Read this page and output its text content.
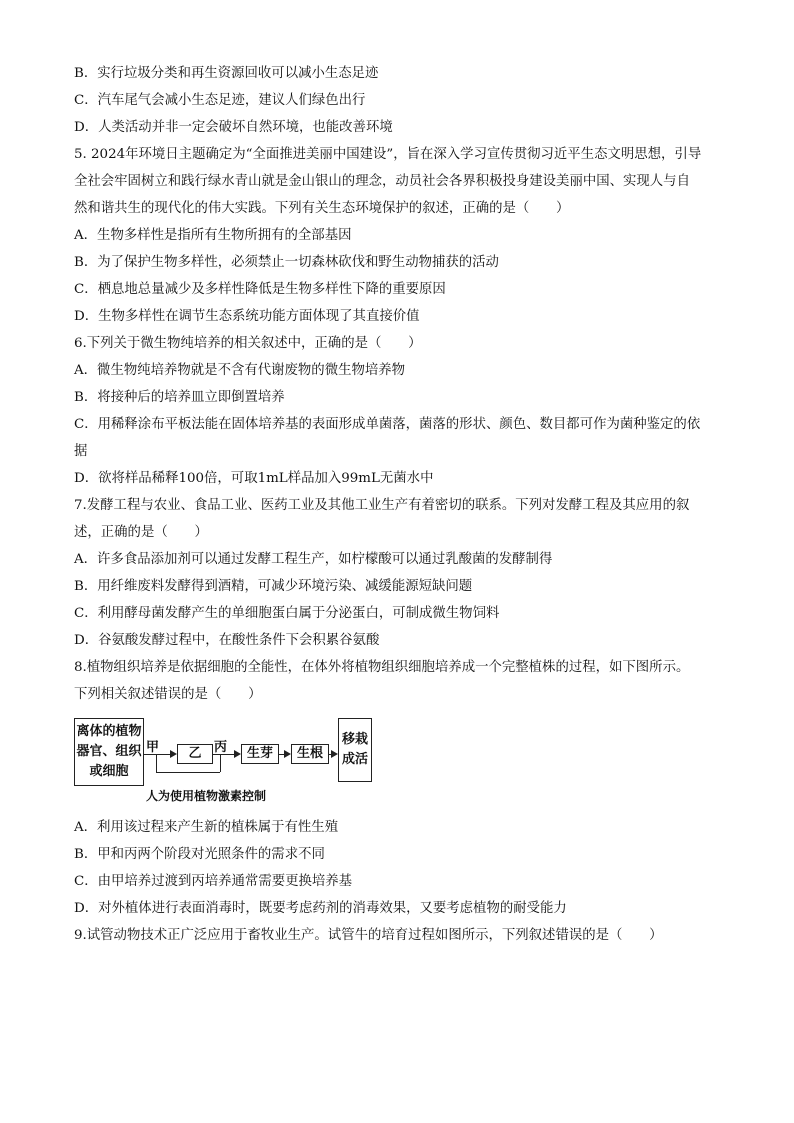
B．实行垃圾分类和再生资源回收可以减小生态足迹
C．汽车尾气会减小生态足迹，建议人们绿色出行
D．人类活动并非一定会破坏自然环境，也能改善环境
5. 2024年环境日主题确定为“全面推进美丽中国建设”，旨在深入学习宣传贯彻习近平生态文明思想，引导
全社会牢固树立和践行绿水青山就是金山银山的理念，动员社会各界积极投身建设美丽中国、实现人与自
然和谐共生的现代化的伟大实践。下列有关生态环境保护的叙述，正确的是（　　）
A．生物多样性是指所有生物所拥有的全部基因
B．为了保护生物多样性，必须禁止一切森林砍伐和野生动物捕获的活动
C．栖息地总量减少及多样性降低是生物多样性下降的重要原因
D．生物多样性在调节生态系统功能方面体现了其直接价值
6.下列关于微生物纯培养的相关叙述中，正确的是（　　）
A．微生物纯培养物就是不含有代谢废物的微生物培养物
B．将接种后的培养皿立即倒置培养
C．用稀释涂布平板法能在固体培养基的表面形成单菌落，菌落的形状、颜色、数目都可作为菌种鉴定的依
据
D．欲将样品稀释100倍，可取1mL样品加入99mL无菌水中
7.发酵工程与农业、食品工业、医药工业及其他工业生产有着密切的联系。下列对发酵工程及其应用的叙
述，正确的是（　　）
A．许多食品添加剂可以通过发酵工程生产，如柠檬酸可以通过乳酸菌的发酵制得
B．用纤维废料发酵得到酒精，可减少环境污染、减缓能源短缺问题
C．利用酵母菌发酵产生的单细胞蛋白属于分泌蛋白，可制成微生物饲料
D．谷氨酸发酵过程中，在酸性条件下会积累谷氨酸
8.植物组织培养是依据细胞的全能性，在体外将植物组织细胞培养成一个完整植株的过程，如下图所示。
下列相关叙述错误的是（　　）
离体的植物
器官、组织
或细胞
甲	乙 丙	生芽	生根
移栽
成活
人为使用植物激素控制
A．利用该过程来产生新的植株属于有性生殖
B．甲和丙两个阶段对光照条件的需求不同
C．由甲培养过渡到丙培养通常需要更换培养基
D．对外植体进行表面消毒时，既要考虑药剂的消毒效果，又要考虑植物的耐受能力
9.试管动物技术正广泛应用于畜牧业生产。试管牛的培育过程如图所示，下列叙述错误的是（　　）
